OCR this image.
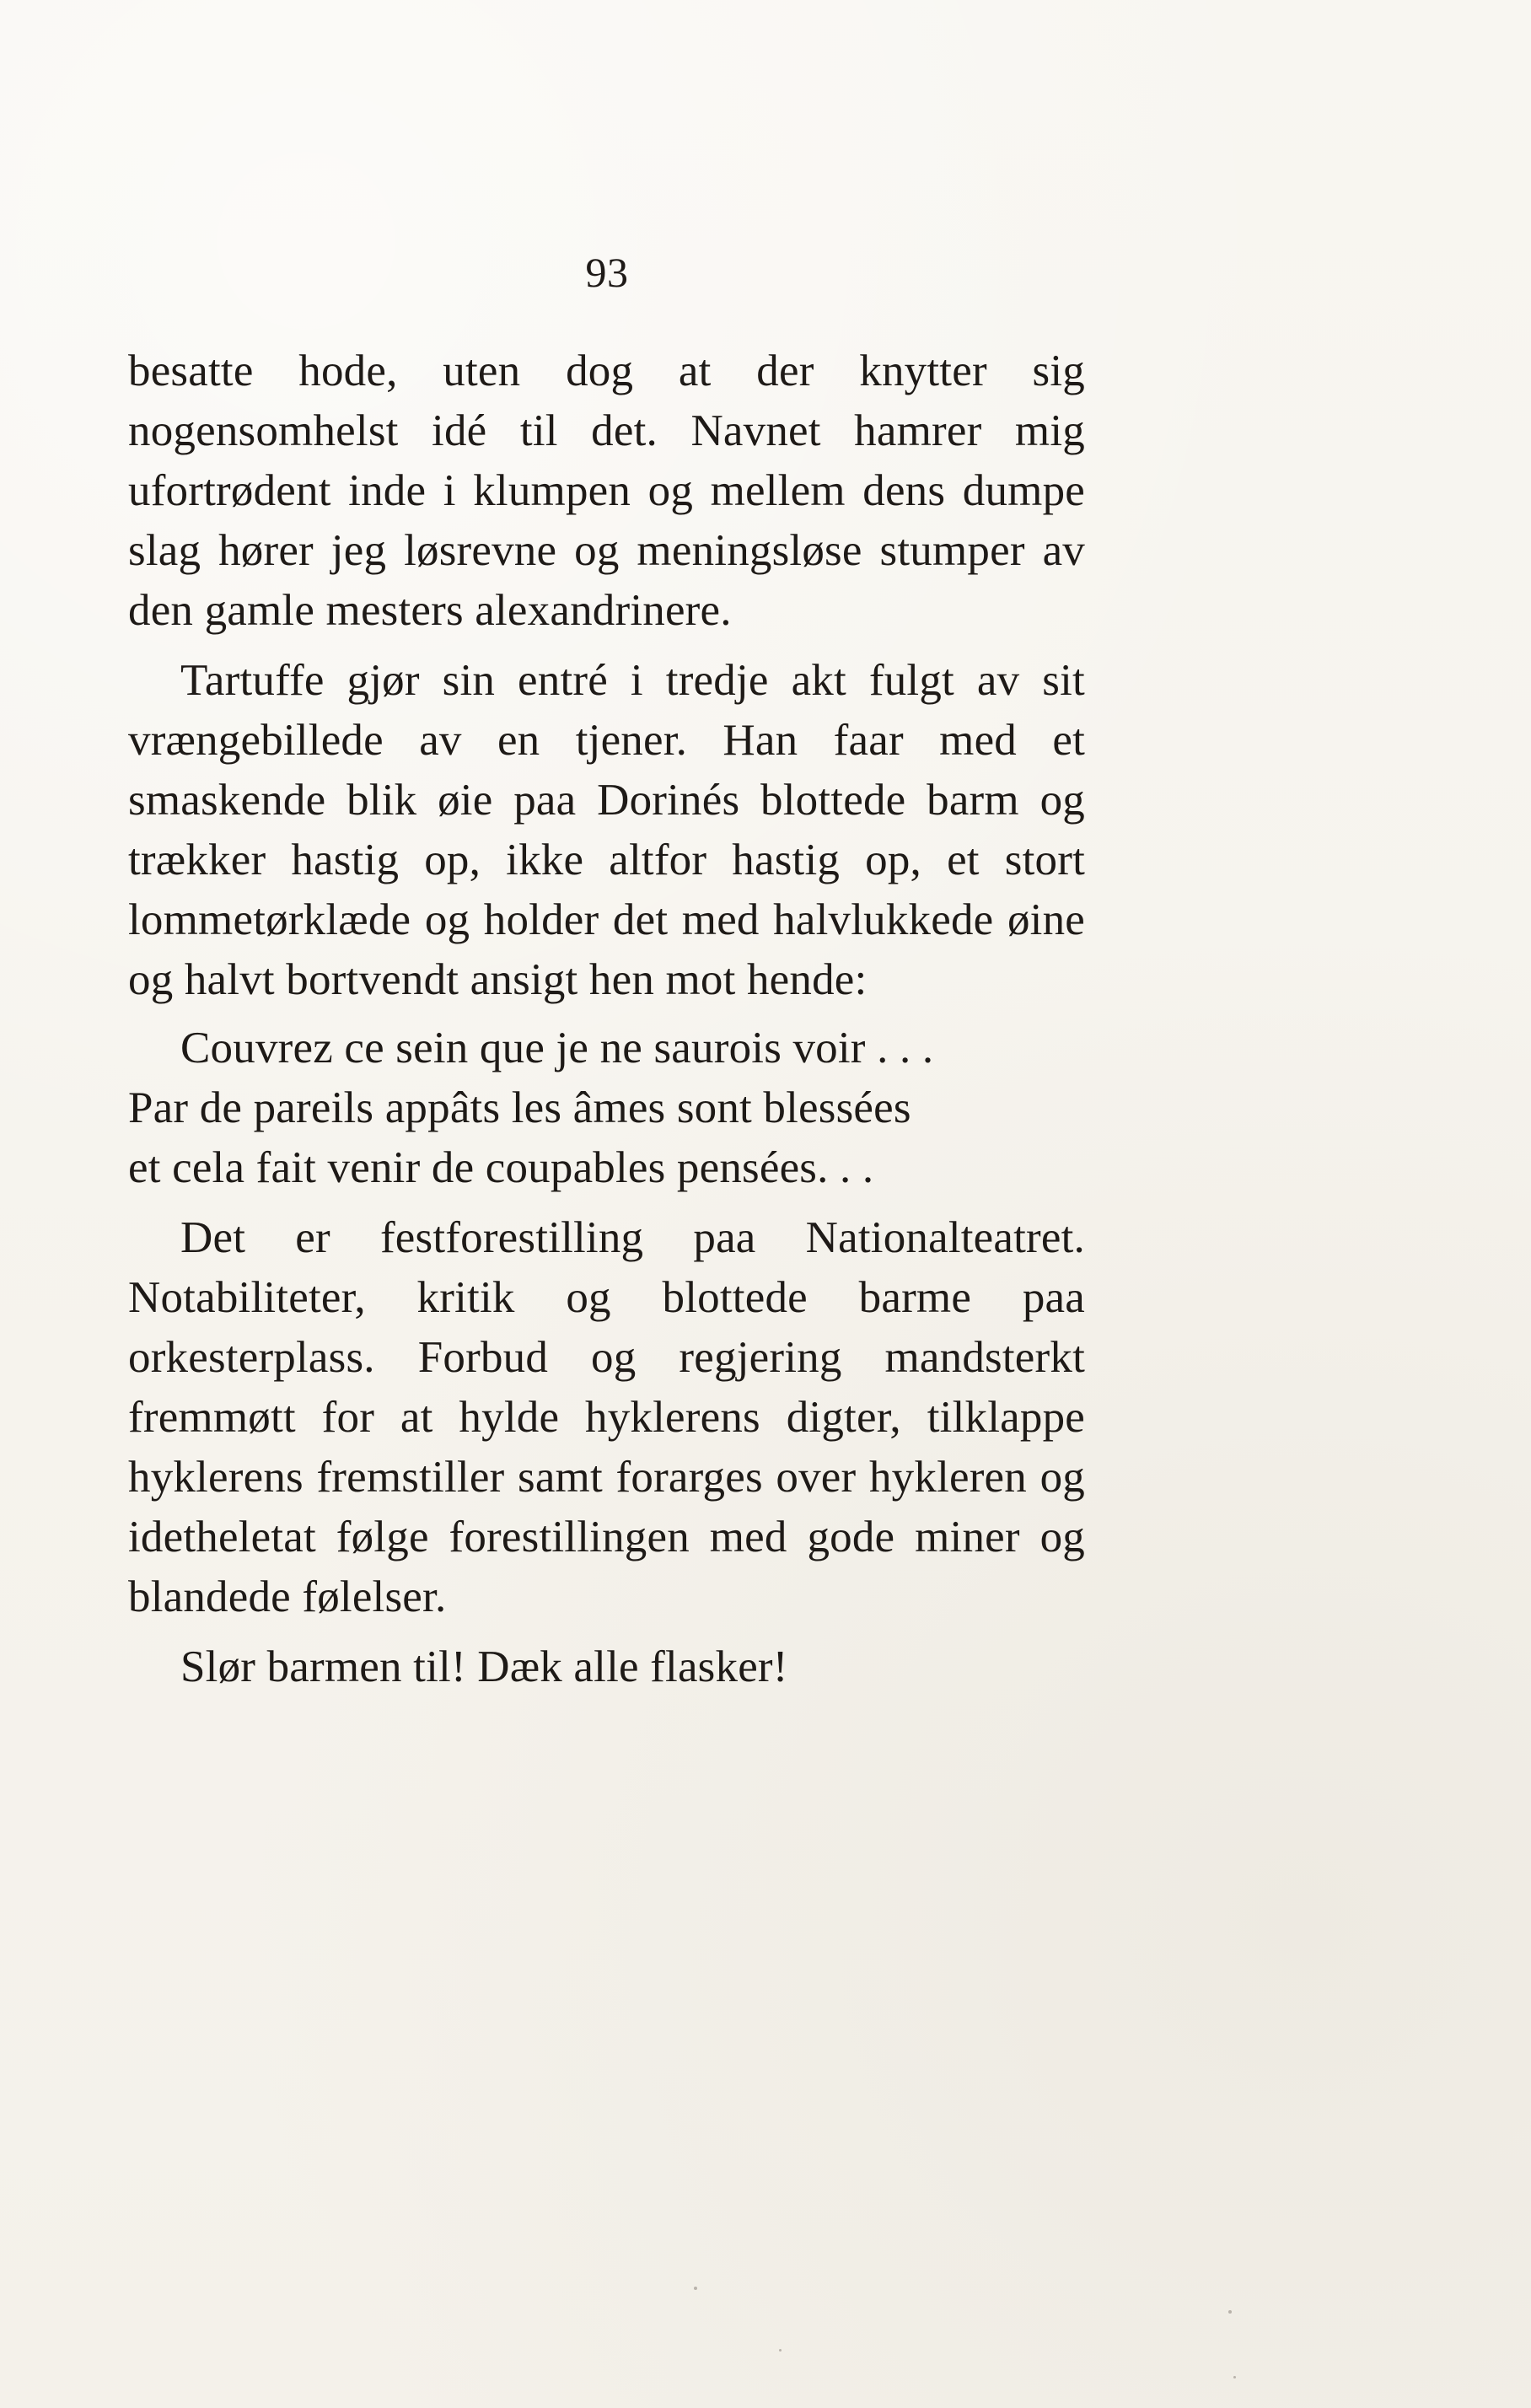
93

besatte hode, uten dog at der knytter sig nogensomhelst idé til det. Navnet hamrer mig ufortrødent inde i klumpen og mellem dens dumpe slag hører jeg løsrevne og meningsløse stumper av den gamle mesters alexandrinere.

Tartuffe gjør sin entré i tredje akt fulgt av sit vrængebillede av en tjener. Han faar med et smaskende blik øie paa Dorinés blottede barm og trækker hastig op, ikke altfor hastig op, et stort lommetørklæde og holder det med halvlukkede øine og halvt bortvendt ansigt hen mot hende:

Couvrez ce sein que je ne saurois voir . . .
Par de pareils appâts les âmes sont blessées
et cela fait venir de coupables pensées. . .

Det er festforestilling paa Nationalteatret. Notabiliteter, kritik og blottede barme paa orkesterplass. Forbud og regjering mandsterkt fremmøtt for at hylde hyklerens digter, tilklappe hyklerens fremstiller samt forarges over hykleren og idetheletat følge forestillingen med gode miner og blandede følelser.

Slør barmen til! Dæk alle flasker!
